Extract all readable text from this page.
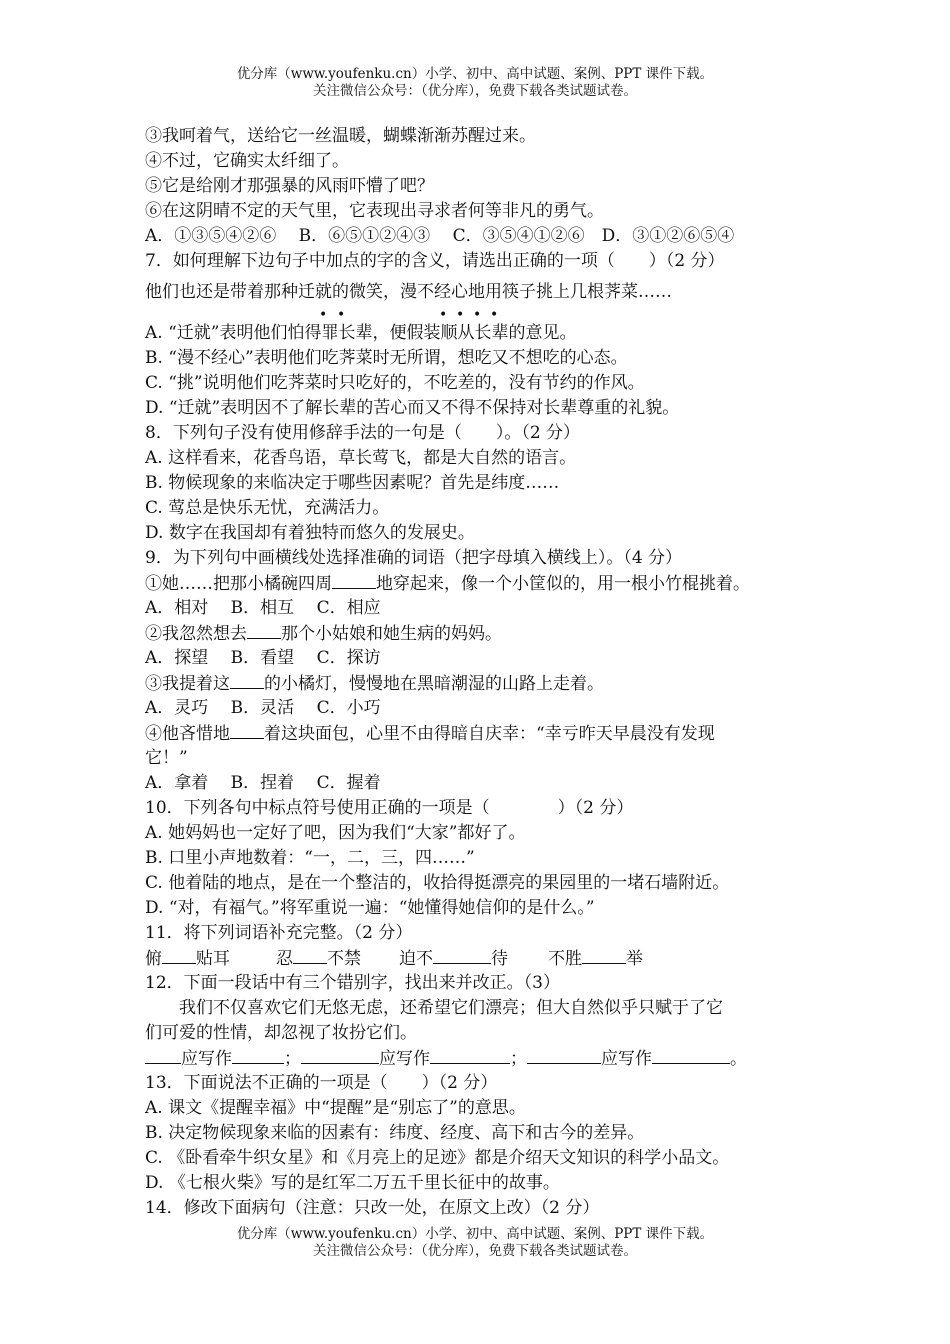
优分库（www.youfenku.cn）小学、初中、高中试题、案例、PPT 课件下载。
关注微信公众号：（优分库），免费下载各类试题试卷。
③我呵着气，送给它一丝温暖，蝴蝶渐渐苏醒过来。
④不过，它确实太纤细了。
⑤它是给刚才那强暴的风雨吓懵了吧？
⑥在这阴晴不定的天气里，它表现出寻求者何等非凡的勇气。
A．①③⑤④②⑥　 B．⑥⑤①②④③　 C．③⑤④①②⑥　D．③①②⑥⑤④
7．如何理解下边句子中加点的字的含义，请选出正确的一项（　　）（2 分）
他们也还是带着那种迁就的微笑，漫不经心地用筷子挑上几根荠菜……
• •	• • • •
A. “迁就”表明他们怕得罪长辈，便假装顺从长辈的意见。
B. “漫不经心”表明他们吃荠菜时无所谓，想吃又不想吃的心态。
C. “挑”说明他们吃荠菜时只吃好的，不吃差的，没有节约的作风。
D. “迁就”表明因不了解长辈的苦心而又不得不保持对长辈尊重的礼貌。
8．下列句子没有使用修辞手法的一句是（　　）。（2 分）
A. 这样看来，花香鸟语，草长莺飞，都是大自然的语言。
B. 物候现象的来临决定于哪些因素呢？首先是纬度……
C. 莺总是快乐无忧，充满活力。
D. 数字在我国却有着独特而悠久的发展史。
9．为下列句中画横线处选择准确的词语（把字母填入横线上）。（4 分）
①她……把那小橘碗四周	地穿起来，像一个小筐似的，用一根小竹棍挑着。
A．相对　 B．相互　 C．相应
②我忽然想去 那个小姑娘和她生病的妈妈。
A．探望　 B．看望　 C．探访
③我提着这 的小橘灯，慢慢地在黑暗潮湿的山路上走着。
A．灵巧　 B．灵活　 C．小巧
④他吝惜地 着这块面包，心里不由得暗自庆幸：“幸亏昨天早晨没有发现
它！”
A．拿着　 B．捏着　 C．握着
10．下列各句中标点符号使用正确的一项是（　　　　）（2 分）
A. 她妈妈也一定好了吧，因为我们“大家”都好了。
B. 口里小声地数着：“一，二，三，四……”
C. 他着陆的地点，是在一个整洁的，收拾得挺漂亮的果园里的一堵石墙附近。
D. “对，有福气。”将军重说一遍：“她懂得她信仰的是什么。”
11．将下列词语补充完整。（2 分）
俯 贴耳	忍 不禁 迫不	待 不胜	举
12．下面一段话中有三个错别字，找出来并改正。（3）
我们不仅喜欢它们无悠无虑，还希望它们漂亮；但大自然似乎只赋于了它
们可爱的性情，却忽视了妆扮它们。
应写作	；	应写作	；	应写作	。
13．下面说法不正确的一项是（　　）（2 分）
A. 课文《提醒幸福》中“提醒”是“别忘了”的意思。
B. 决定物候现象来临的因素有：纬度、经度、高下和古今的差异。
C. 《卧看牵牛织女星》和《月亮上的足迹》都是介绍天文知识的科学小品文。
D. 《七根火柴》写的是红军二万五千里长征中的故事。
14．修改下面病句（注意：只改一处，在原文上改）（2 分）
优分库（www.youfenku.cn）小学、初中、高中试题、案例、PPT 课件下载。
关注微信公众号：（优分库），免费下载各类试题试卷。
